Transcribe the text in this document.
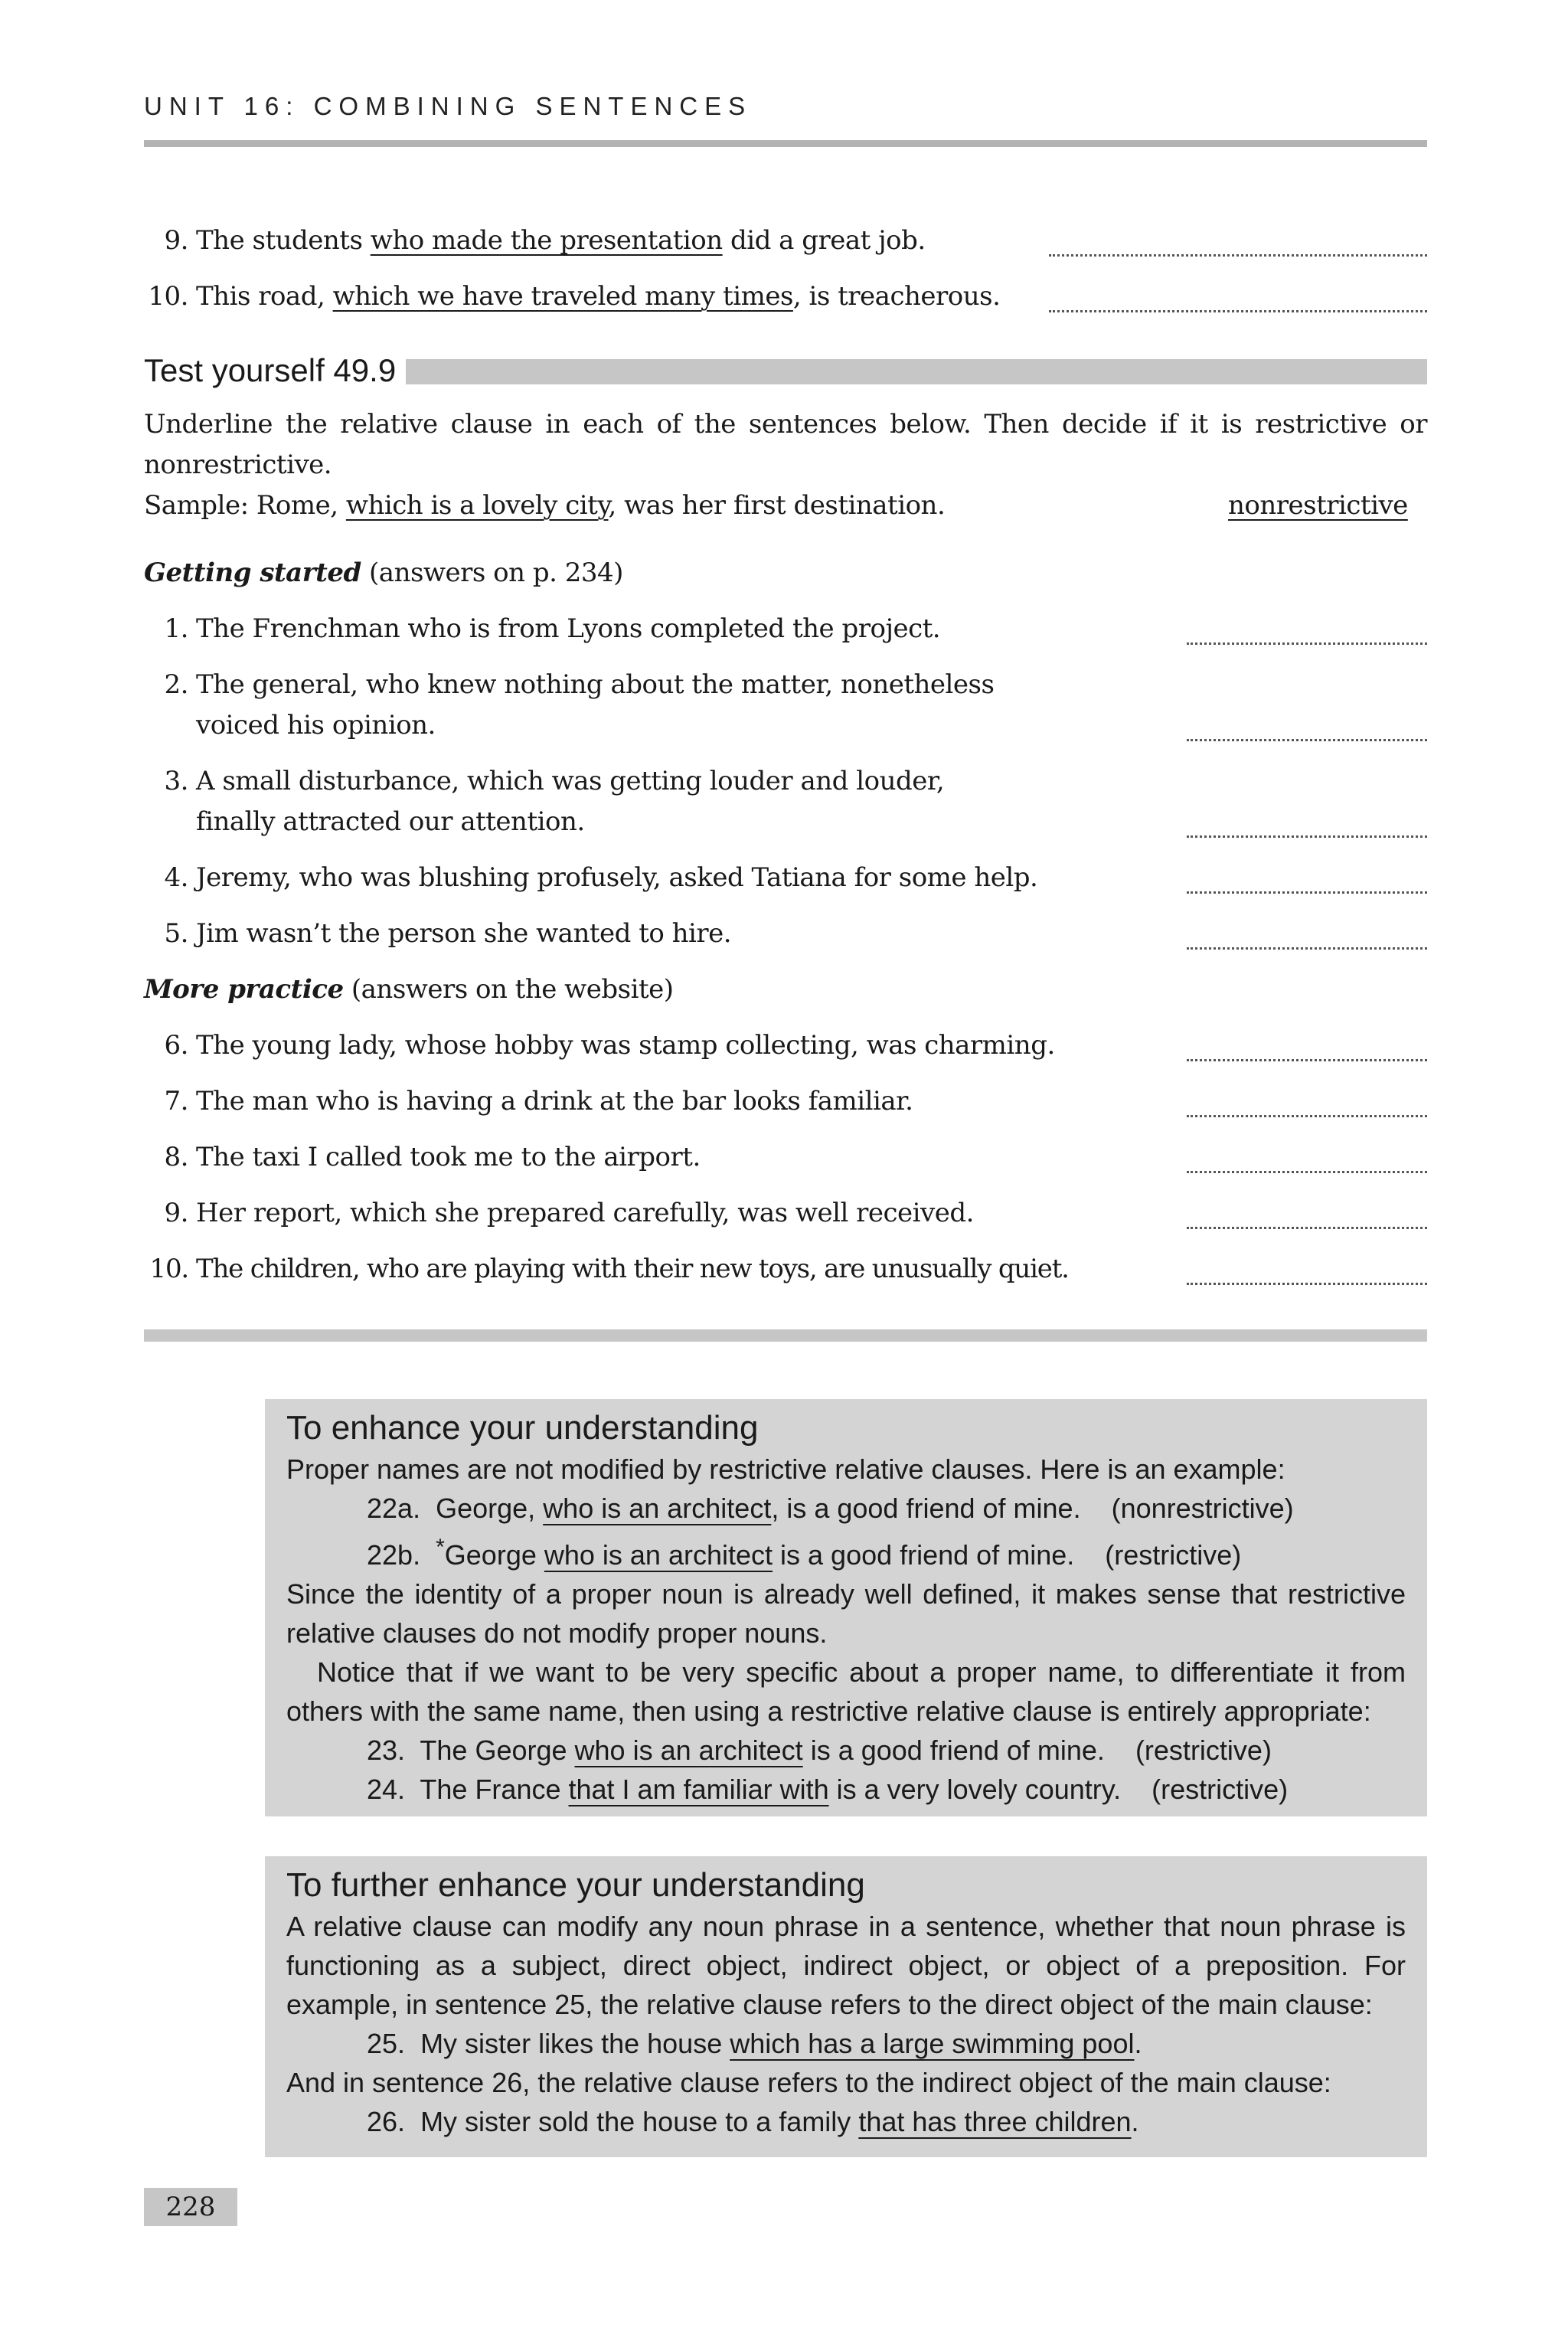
UNIT 16: COMBINING SENTENCES
9. The students who made the presentation did a great job.
10. This road, which we have traveled many times, is treacherous.
Test yourself 49.9
Underline the relative clause in each of the sentences below. Then decide if it is restrictive or nonrestrictive.
Sample: Rome, which is a lovely city, was her first destination.	nonrestrictive
Getting started (answers on p. 234)
1. The Frenchman who is from Lyons completed the project.
2. The general, who knew nothing about the matter, nonetheless
voiced his opinion.
3. A small disturbance, which was getting louder and louder,
finally attracted our attention.
4. Jeremy, who was blushing profusely, asked Tatiana for some help.
5. Jim wasn’t the person she wanted to hire.
More practice (answers on the website)
6. The young lady, whose hobby was stamp collecting, was charming.
7. The man who is having a drink at the bar looks familiar.
8. The taxi I called took me to the airport.
9. Her report, which she prepared carefully, was well received.
10. The children, who are playing with their new toys, are unusually quiet.
To enhance your understanding

Proper names are not modified by restrictive relative clauses. Here is an example:

22a. George, who is an architect, is a good friend of mine. (nonrestrictive)
22b. *George who is an architect is a good friend of mine. (restrictive)

Since the identity of a proper noun is already well defined, it makes sense that restrictive relative clauses do not modify proper nouns.

Notice that if we want to be very specific about a proper name, to differentiate it from others with the same name, then using a restrictive relative clause is entirely appropriate:

23. The George who is an architect is a good friend of mine. (restrictive)
24. The France that I am familiar with is a very lovely country. (restrictive)
To further enhance your understanding

A relative clause can modify any noun phrase in a sentence, whether that noun phrase is functioning as a subject, direct object, indirect object, or object of a preposition. For example, in sentence 25, the relative clause refers to the direct object of the main clause:

25. My sister likes the house which has a large swimming pool.

And in sentence 26, the relative clause refers to the indirect object of the main clause:

26. My sister sold the house to a family that has three children.
228
